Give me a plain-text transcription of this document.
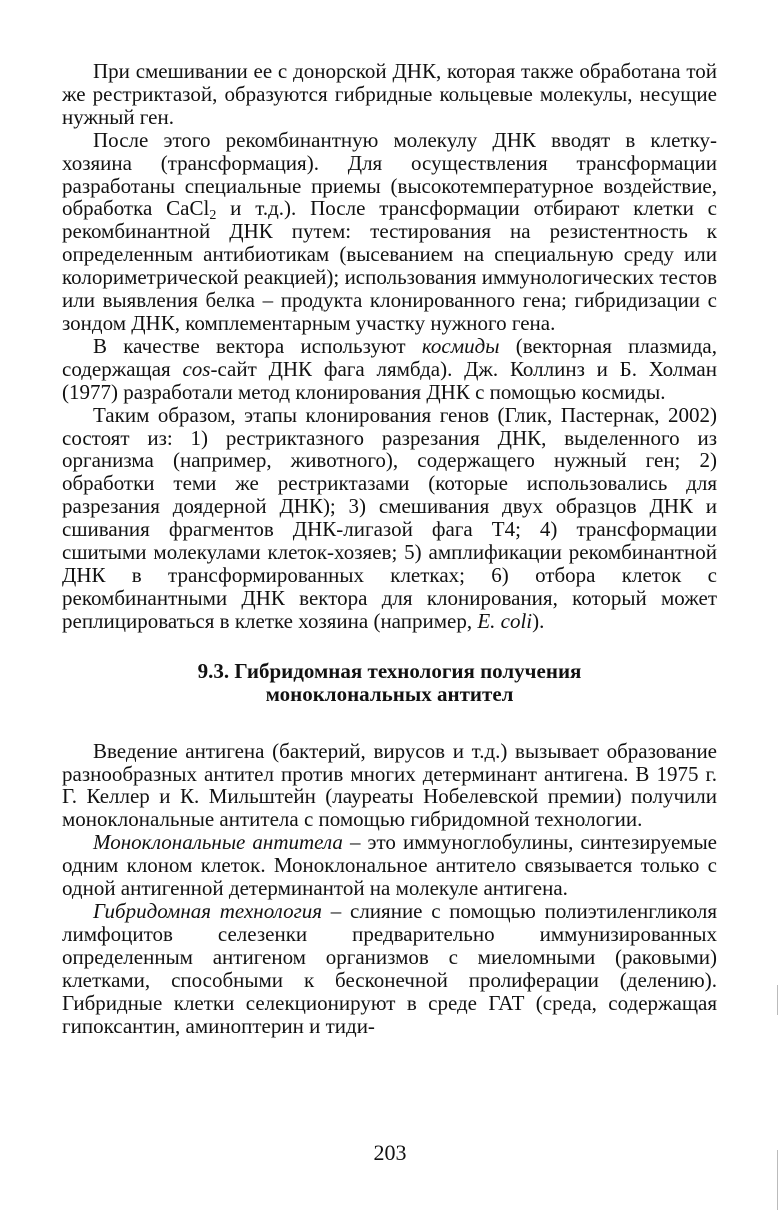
При смешивании ее с донорской ДНК, которая также обработана той же рестриктазой, образуются гибридные кольцевые молекулы, несущие нужный ген.

После этого рекомбинантную молекулу ДНК вводят в клетку-хозяина (трансформация). Для осуществления трансформации разработаны специальные приемы (высокотемпературное воздействие, обработка CaCl$_2$ и т.д.). После трансформации отбирают клетки с рекомбинантной ДНК путем: тестирования на резистентность к определенным антибиотикам (высеванием на специальную среду или колориметрической реакцией); использования иммунологических тестов или выявления белка – продукта клонированного гена; гибридизации с зондом ДНК, комплементарным участку нужного гена.

В качестве вектора используют космиды (векторная плазмида, содержащая cos-сайт ДНК фага лямбда). Дж. Коллинз и Б. Холман (1977) разработали метод клонирования ДНК с помощью космиды.

Таким образом, этапы клонирования генов (Глик, Пастернак, 2002) состоят из: 1) рестриктазного разрезания ДНК, выделенного из организма (например, животного), содержащего нужный ген; 2) обработки теми же рестриктазами (которые использовались для разрезания доядерной ДНК); 3) смешивания двух образцов ДНК и сшивания фрагментов ДНК-лигазой фага Т4; 4) трансформации сшитыми молекулами клеток-хозяев; 5) амплификации рекомбинантной ДНК в трансформированных клетках; 6) отбора клеток с рекомбинантными ДНК вектора для клонирования, который может реплицироваться в клетке хозяина (например, E. coli).

9.3. Гибридомная технология получения
моноклональных антител

Введение антигена (бактерий, вирусов и т.д.) вызывает образование разнообразных антител против многих детерминант антигена. В 1975 г. Г. Келлер и К. Мильштейн (лауреаты Нобелевской премии) получили моноклональные антитела с помощью гибридомной технологии.

Моноклональные антитела – это иммуноглобулины, синтезируемые одним клоном клеток. Моноклональное антитело связывается только с одной антигенной детерминантой на молекуле антигена.

Гибридомная технология – слияние с помощью полиэтиленгликоля лимфоцитов селезенки предварительно иммунизированных определенным антигеном организмов с миеломными (раковыми) клетками, способными к бесконечной пролиферации (делению). Гибридные клетки селекционируют в среде ГАТ (среда, содержащая гипоксантин, аминоптерин и тиди-

203
